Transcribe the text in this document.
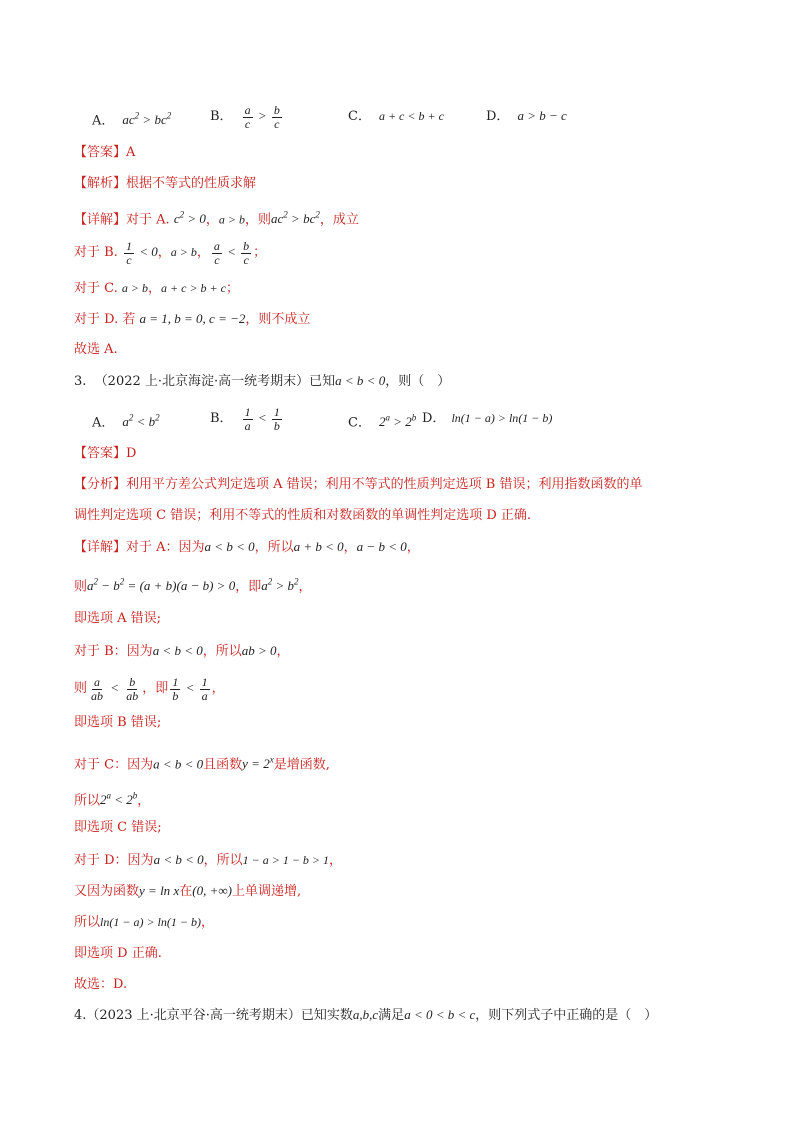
A． $ac^2 > bc^2$	B． $\frac{a}{c} > \frac{b}{c}$	C． a + c < b + c	D． a > b − c
【答案】A
【解析】根据不等式的性质求解
【详解】对于 A. $c^2 > 0$，a > b，则$ac^2 > bc^2$，成立
对于 B. $\frac{1}{c} < 0$，a > b， $\frac{a}{c} < \frac{b}{c}$ ；
对于 C. a > b，a + c > b + c；
对于 D. 若 a = 1, b = 0, c = −2，则不成立
故选 A.
3. （2022 上·北京海淀·高一统考期末）已知a < b < 0，则（　）
A． $a^2 < b^2$	B． $\frac{1}{a} < \frac{1}{b}$	C． $2^a > 2^b$ D． ln(1 − a) > ln(1 − b)
【答案】D
【分析】利用平方差公式判定选项 A 错误；利用不等式的性质判定选项 B 错误；利用指数函数的单
调性判定选项 C 错误；利用不等式的性质和对数函数的单调性判定选项 D 正确.
【详解】对于 A：因为a < b < 0，所以a + b < 0，a − b < 0，
则$a^2 - b^2 = (a + b)(a - b) > 0$，即$a^2 > b^2$，
即选项 A 错误;
对于 B：因为a < b < 0，所以ab > 0，
则 $\frac{a}{ab} < \frac{b}{ab}$ ，即 $\frac{1}{b} < \frac{1}{a}$ ，
即选项 B 错误;
对于 C：因为a < b < 0且函数$y = 2^x$是增函数,
所以$2^a < 2^b$，
即选项 C 错误;
对于 D：因为a < b < 0，所以1 − a > 1 − b > 1，
又因为函数y = ln x在(0, +∞)上单调递增,
所以ln(1 − a) > ln(1 − b)，
即选项 D 正确.
故选：D.
4.（2023 上·北京平谷·高一统考期末）已知实数a,b,c满足a < 0 < b < c，则下列式子中正确的是（　）
